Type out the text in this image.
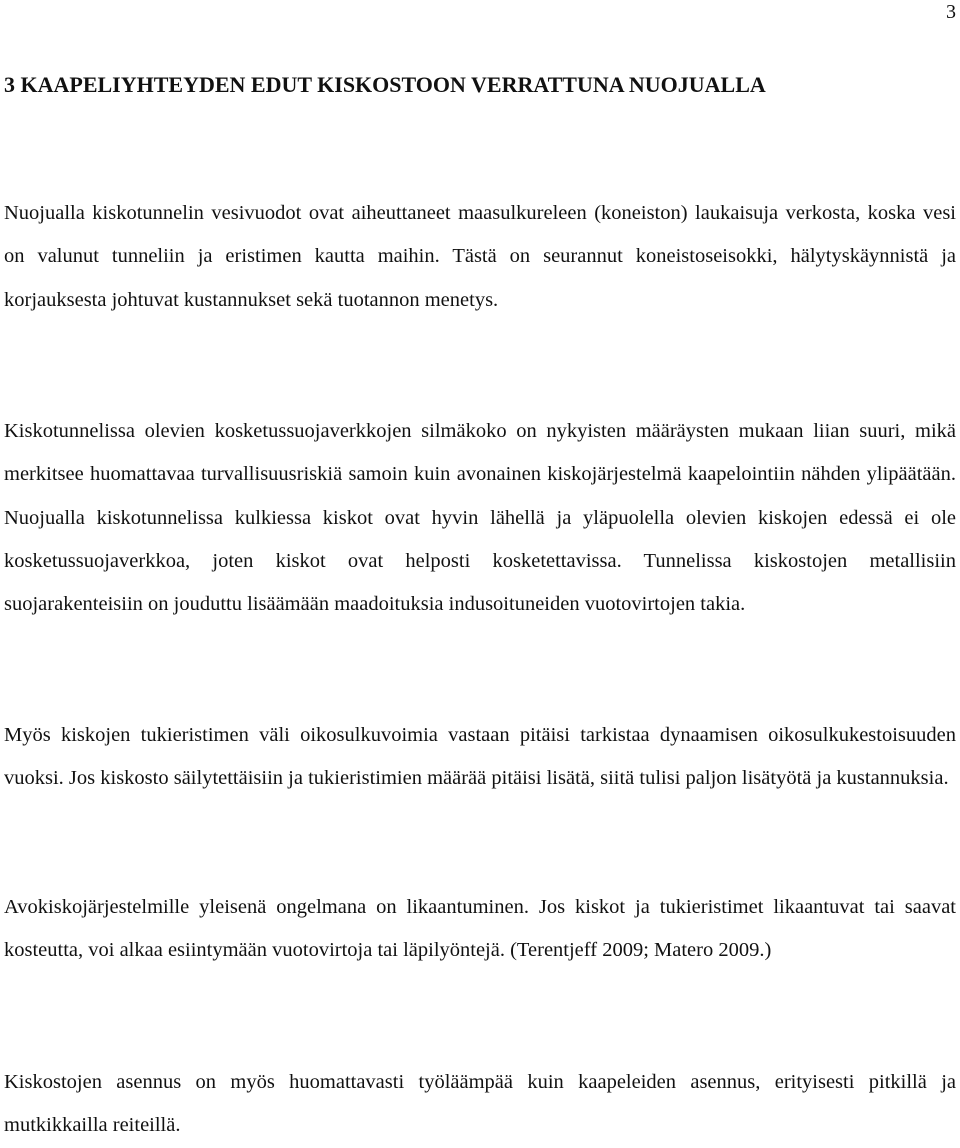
3
3 KAAPELIYHTEYDEN EDUT KISKOSTOON VERRATTUNA NUOJUALLA

Nuojualla kiskotunnelin vesivuodot ovat aiheuttaneet maasulkureleen (koneiston) laukaisuja verkosta, koska vesi on valunut tunneliin ja eristimen kautta maihin. Tästä on seurannut koneistoseisokki, hälytyskäynnistä ja korjauksesta johtuvat kustannukset sekä tuotannon menetys.

Kiskotunnelissa olevien kosketussuojaverkkojen silmäkoko on nykyisten määräysten mukaan liian suuri, mikä merkitsee huomattavaa turvallisuusriskiä samoin kuin avonainen kiskojärjestelmä kaapelointiin nähden ylipäätään. Nuojualla kiskotunnelissa kulkiessa kiskot ovat hyvin lähellä ja yläpuolella olevien kiskojen edessä ei ole kosketussuojaverkkoa, joten kiskot ovat helposti kosketettavissa. Tunnelissa kiskostojen metallisiin suojarakenteisiin on jouduttu lisäämään maadoituksia indusoituneiden vuotovirtojen takia.

Myös kiskojen tukieristimen väli oikosulkuvoimia vastaan pitäisi tarkistaa dynaamisen oikosulkukestoisuuden vuoksi. Jos kiskosto säilytettäisiin ja tukieristimien määrää pitäisi lisätä, siitä tulisi paljon lisätyötä ja kustannuksia.

Avokiskojärjestelmille yleisenä ongelmana on likaantuminen. Jos kiskot ja tukieristimet likaantuvat tai saavat kosteutta, voi alkaa esiintymään vuotovirtoja tai läpilyöntejä. (Terentjeff 2009; Matero 2009.)

Kiskostojen asennus on myös huomattavasti työläämpää kuin kaapeleiden asennus, erityisesti pitkillä ja mutkikkailla reiteillä.
